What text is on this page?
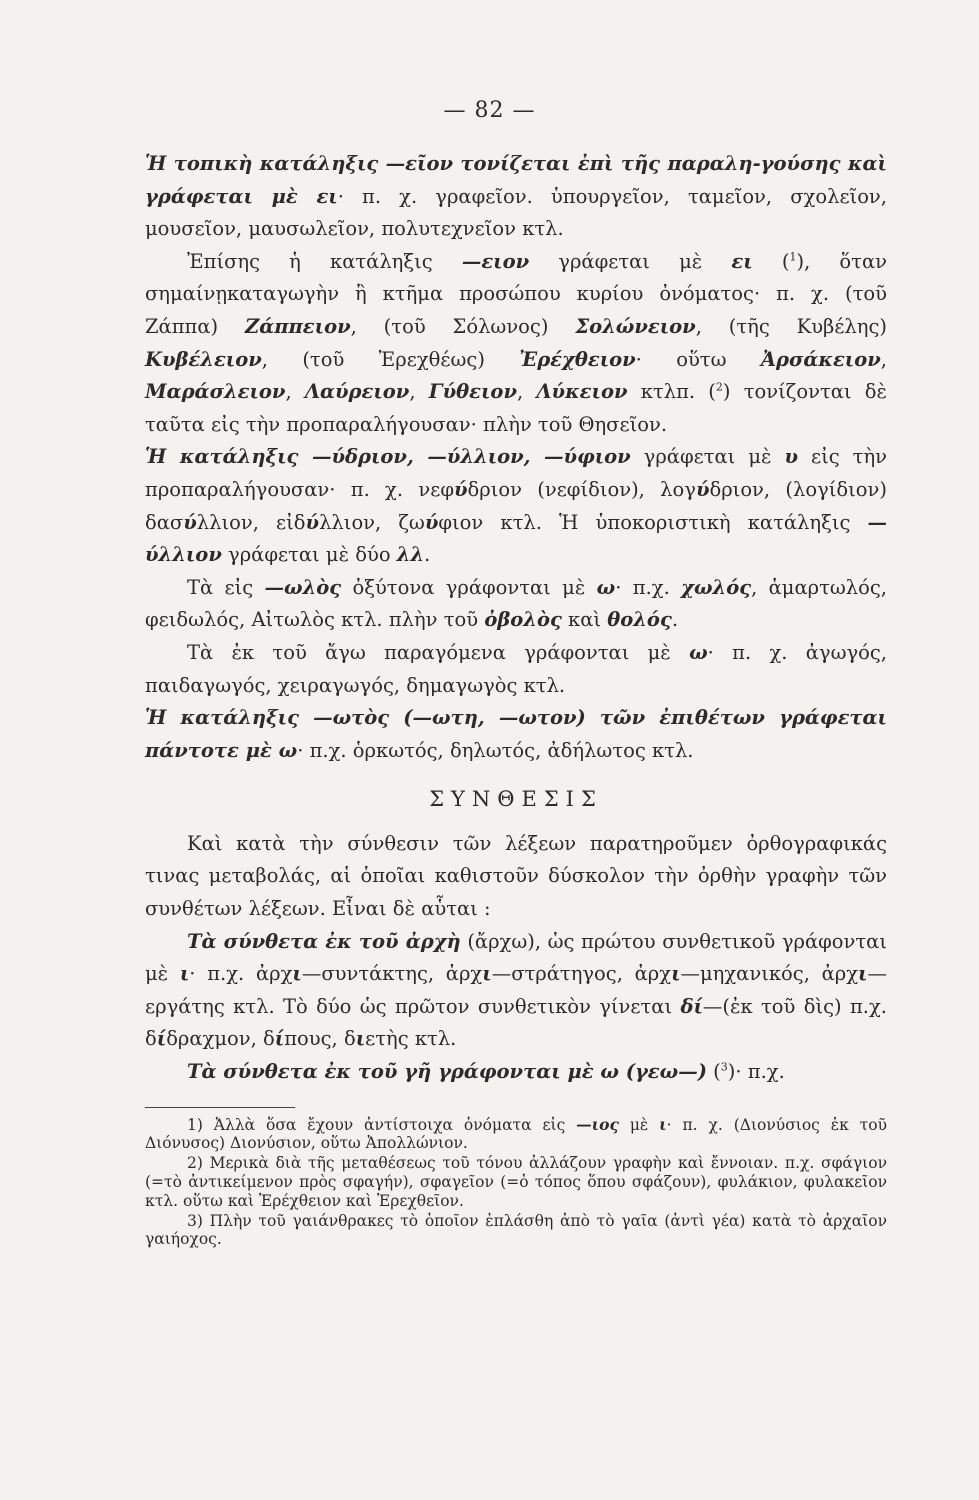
— 82 —

Ἡ τοπικὴ κατάληξις —εῖον τονίζεται ἐπὶ τῆς παραλη-γούσης καὶ γράφεται μὲ ει· π. χ. γραφεῖον. ὑπουργεῖον, ταμεῖον, σχολεῖον, μουσεῖον, μαυσωλεῖον, πολυτεχνεῖον κτλ.

Ἐπίσης ἡ κατάληξις —ειον γράφεται μὲ ει ($^1$), ὅταν σημαίνῃκαταγωγὴν ἢ κτῆμα προσώπου κυρίου ὀνόματος· π. χ. (τοῦ Ζάππα) Ζάππειον, (τοῦ Σόλωνος) Σολώνειον, (τῆς Κυβέλης) Κυβέλειον, (τοῦ Ἐρεχθέως) Ἐρέχθειον· οὕτω Ἀρσάκειον, Μαράσλειον, Λαύρειον, Γύθειον, Λύκειον κτλπ. ($^2$) τονίζονται δὲ ταῦτα εἰς τὴν προπαραλήγουσαν· πλὴν τοῦ Θησεῖον.

Ἡ κατάληξις —ύδριον, —ύλλιον, —ύφιον γράφεται μὲ υ εἰς τὴν προπαραλήγουσαν· π. χ. νεφύδριον (νεφίδιον), λογύδριον, (λογίδιον) δασύλλιον, εἰδύλλιον, ζωύφιον κτλ. Ἡ ὑποκοριστικὴ κατάληξις —ύλλιον γράφεται μὲ δύο λλ.

Τὰ εἰς —ωλὸς ὀξύτονα γράφονται μὲ ω· π.χ. χωλός, ἁμαρτωλός, φειδωλός, Αἰτωλὸς κτλ. πλὴν τοῦ ὀβολὸς καὶ θολός.

Τὰ ἐκ τοῦ ἄγω παραγόμενα γράφονται μὲ ω· π. χ. ἀγωγός, παιδαγωγός, χειραγωγός, δημαγωγὸς κτλ.

Ἡ κατάληξις —ωτὸς (—ωτη, —ωτον) τῶν ἐπιθέτων γράφεται πάντοτε μὲ ω· π.χ. ὁρκωτός, δηλωτός, ἀδήλωτος κτλ.

ΣΥΝΘΕΣΙΣ

Καὶ κατὰ τὴν σύνθεσιν τῶν λέξεων παρατηροῦμεν ὀρθογραφικάς τινας μεταβολάς, αἱ ὁποῖαι καθιστοῦν δύσκολον τὴν ὀρθὴν γραφὴν τῶν συνθέτων λέξεων. Εἶναι δὲ αὗται :

Τὰ σύνθετα ἐκ τοῦ ἀρχὴ (ἄρχω), ὡς πρώτου συνθετικοῦ γράφονται μὲ ι· π.χ. ἀρχι—συντάκτης, ἀρχι—στράτηγος, ἀρχι—μηχανικός, ἀρχι—εργάτης κτλ. Τὸ δύο ὡς πρῶτον συνθετικὸν γίνεται δί—(ἐκ τοῦ δὶς) π.χ. δίδραχμον, δίπους, διετὴς κτλ.

Τὰ σύνθετα ἐκ τοῦ γῆ γράφονται μὲ ω (γεω—) ($^3$)· π.χ.

1) Ἀλλὰ ὅσα ἔχουν ἀντίστοιχα ὀνόματα εἰς —ιος μὲ ι· π. χ. (Διονύσιος ἐκ τοῦ Διόνυσος) Διονύσιον, οὕτω Ἀπολλώνιον.

2) Μερικὰ διὰ τῆς μεταθέσεως τοῦ τόνου ἀλλάζουν γραφὴν καὶ ἔννοιαν. π.χ. σφάγιον (=τὸ ἀντικείμενον πρὸς σφαγήν), σφαγεῖον (=ὁ τόπος ὅπου σφάζουν), φυλάκιον, φυλακεῖον κτλ. οὕτω καὶ Ἐρέχθειον καὶ Ἐρεχθεῖον.

3) Πλὴν τοῦ γαιάνθρακες τὸ ὁποῖον ἐπλάσθη ἀπὸ τὸ γαῖα (ἀντὶ γέα) κατὰ τὸ ἀρχαῖον γαιήοχος.
